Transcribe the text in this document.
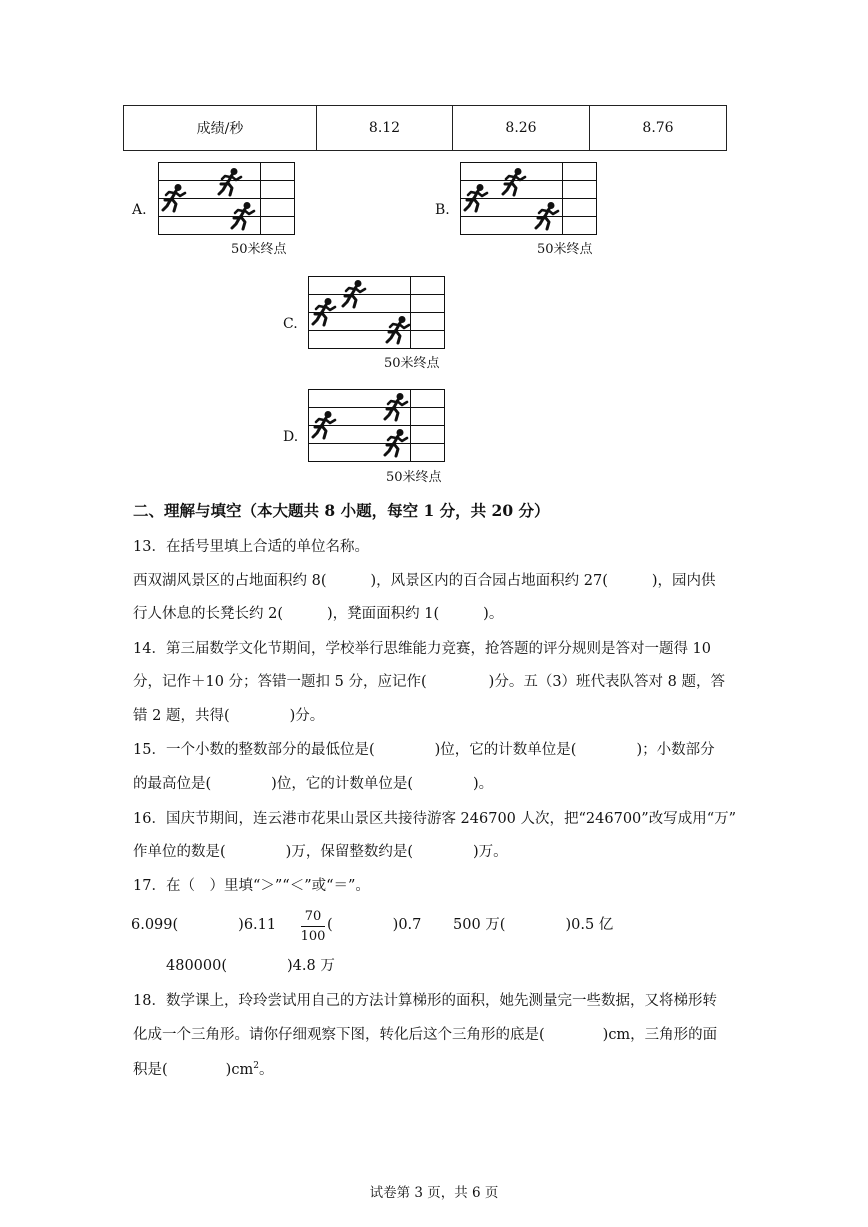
成绩/秒	8.12	8.26	8.76
A.
50米终点
B.
50米终点
C.
50米终点
D.
50米终点
二、理解与填空（本大题共 8 小题，每空 1 分，共 20 分）
13．在括号里填上合适的单位名称。
西双湖风景区的占地面积约 8(	)，风景区内的百合园占地面积约 27(	)，园内供
行人休息的长凳长约 2(	)，凳面面积约 1(	)。
14．第三届数学文化节期间，学校举行思维能力竞赛，抢答题的评分规则是答对一题得 10
分，记作＋10 分；答错一题扣 5 分，应记作(	)分。五（3）班代表队答对 8 题，答
错 2 题，共得(	)分。
15．一个小数的整数部分的最低位是(	)位，它的计数单位是(	)；小数部分
的最高位是(	)位，它的计数单位是(	)。
16．国庆节期间，连云港市花果山景区共接待游客 246700 人次，把“246700”改写成用“万”
作单位的数是(	)万，保留整数约是(	)万。
17．在（　）里填“＞”“＜”或“＝”。
6.099(	)6.11
70
100
(	)0.7 500 万(	)0.5 亿
480000(	)4.8 万
18．数学课上，玲玲尝试用自己的方法计算梯形的面积，她先测量完一些数据，又将梯形转
化成一个三角形。请你仔细观察下图，转化后这个三角形的底是(	)cm，三角形的面
积是(	)$cm^2$。
试卷第 3 页，共 6 页
